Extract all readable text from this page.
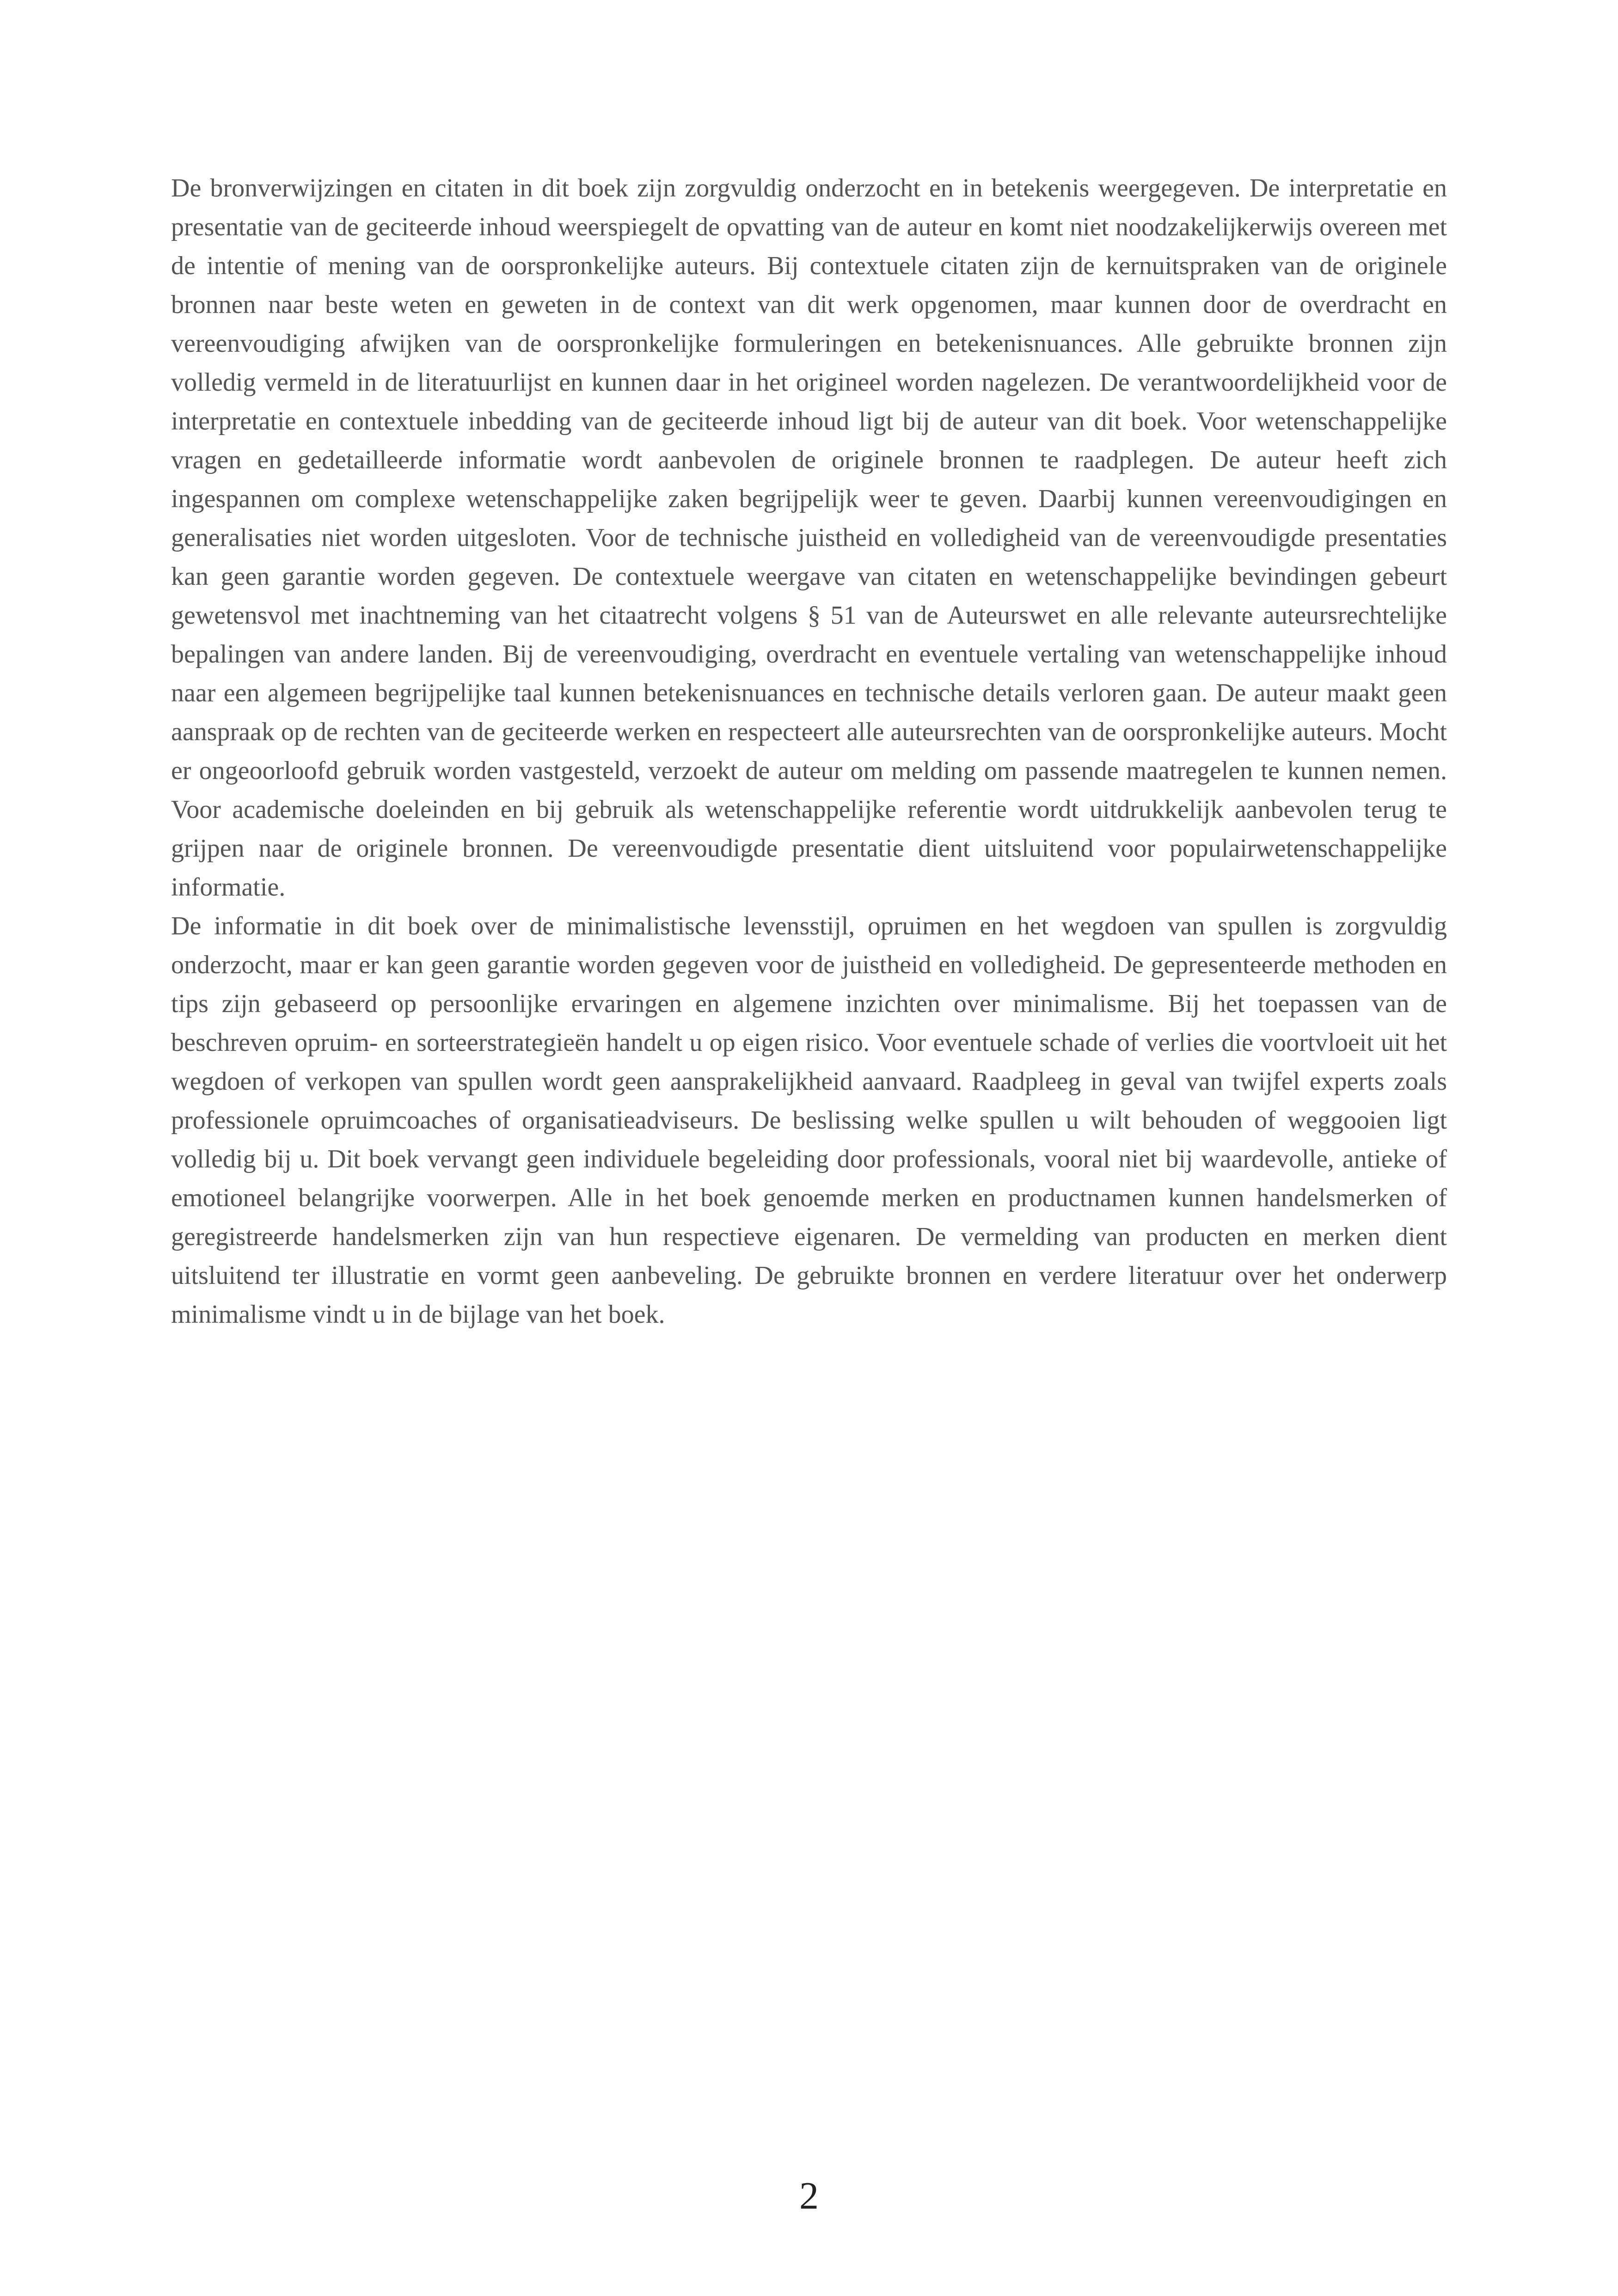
De bronverwijzingen en citaten in dit boek zijn zorgvuldig onderzocht en in betekenis weergegeven. De interpretatie en presentatie van de geciteerde inhoud weerspiegelt de opvatting van de auteur en komt niet noodzakelijkerwijs overeen met de intentie of mening van de oorspronkelijke auteurs. Bij contextuele citaten zijn de kernuitspraken van de originele bronnen naar beste weten en geweten in de context van dit werk opgenomen, maar kunnen door de overdracht en vereenvoudiging afwijken van de oorspronkelijke formuleringen en betekenisnuances. Alle gebruikte bronnen zijn volledig vermeld in de literatuurlijst en kunnen daar in het origineel worden nagelezen. De verantwoordelijkheid voor de interpretatie en contextuele inbedding van de geciteerde inhoud ligt bij de auteur van dit boek. Voor wetenschappelijke vragen en gedetailleerde informatie wordt aanbevolen de originele bronnen te raadplegen. De auteur heeft zich ingespannen om complexe wetenschappelijke zaken begrijpelijk weer te geven. Daarbij kunnen vereenvoudigingen en generalisaties niet worden uitgesloten. Voor de technische juistheid en volledigheid van de vereenvoudigde presentaties kan geen garantie worden gegeven. De contextuele weergave van citaten en wetenschappelijke bevindingen gebeurt gewetensvol met inachtneming van het citaatrecht volgens § 51 van de Auteurswet en alle relevante auteursrechtelijke bepalingen van andere landen. Bij de vereenvoudiging, overdracht en eventuele vertaling van wetenschappelijke inhoud naar een algemeen begrijpelijke taal kunnen betekenisnuances en technische details verloren gaan. De auteur maakt geen aanspraak op de rechten van de geciteerde werken en respecteert alle auteursrechten van de oorspronkelijke auteurs. Mocht er ongeoorloofd gebruik worden vastgesteld, verzoekt de auteur om melding om passende maatregelen te kunnen nemen. Voor academische doeleinden en bij gebruik als wetenschappelijke referentie wordt uitdrukkelijk aanbevolen terug te grijpen naar de originele bronnen. De vereenvoudigde presentatie dient uitsluitend voor populairwetenschappelijke informatie.

De informatie in dit boek over de minimalistische levensstijl, opruimen en het wegdoen van spullen is zorgvuldig onderzocht, maar er kan geen garantie worden gegeven voor de juistheid en volledigheid. De gepresenteerde methoden en tips zijn gebaseerd op persoonlijke ervaringen en algemene inzichten over minimalisme. Bij het toepassen van de beschreven opruim- en sorteerstrategieën handelt u op eigen risico. Voor eventuele schade of verlies die voortvloeit uit het wegdoen of verkopen van spullen wordt geen aansprakelijkheid aanvaard. Raadpleeg in geval van twijfel experts zoals professionele opruimcoaches of organisatieadviseurs. De beslissing welke spullen u wilt behouden of weggooien ligt volledig bij u. Dit boek vervangt geen individuele begeleiding door professionals, vooral niet bij waardevolle, antieke of emotioneel belangrijke voorwerpen. Alle in het boek genoemde merken en productnamen kunnen handelsmerken of geregistreerde handelsmerken zijn van hun respectieve eigenaren. De vermelding van producten en merken dient uitsluitend ter illustratie en vormt geen aanbeveling. De gebruikte bronnen en verdere literatuur over het onderwerp minimalisme vindt u in de bijlage van het boek.

2
